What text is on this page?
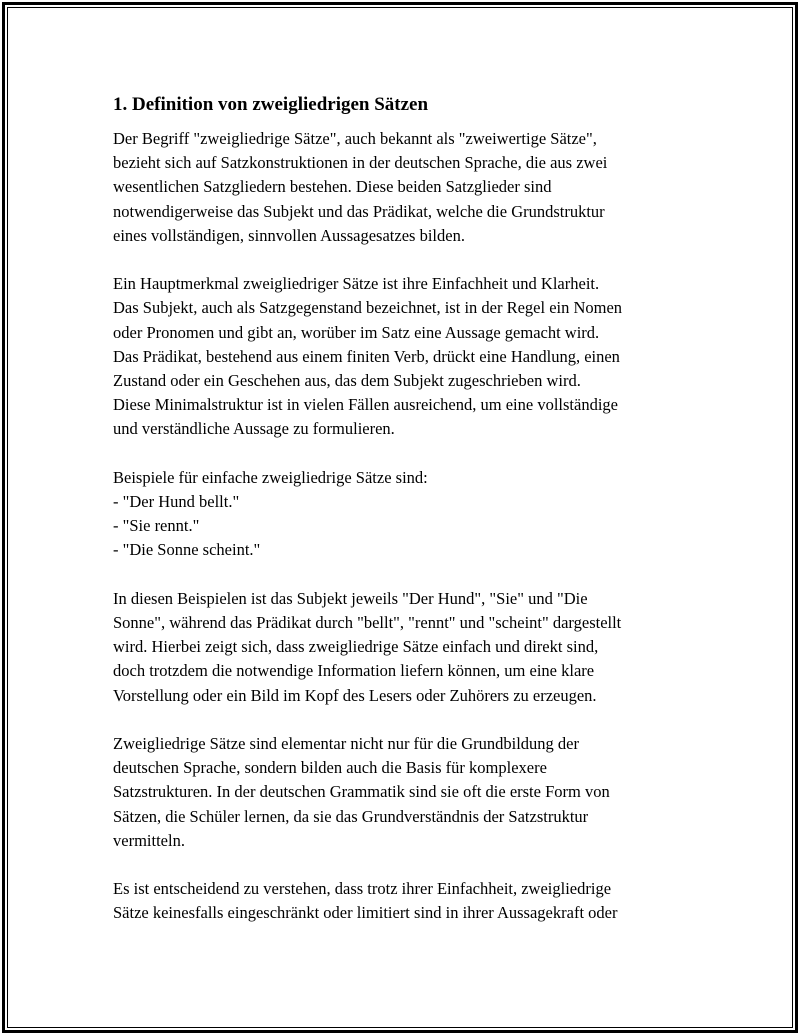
1. Definition von zweigliedrigen Sätzen

Der Begriff "zweigliedrige Sätze", auch bekannt als "zweiwertige Sätze",
bezieht sich auf Satzkonstruktionen in der deutschen Sprache, die aus zwei
wesentlichen Satzgliedern bestehen. Diese beiden Satzglieder sind
notwendigerweise das Subjekt und das Prädikat, welche die Grundstruktur
eines vollständigen, sinnvollen Aussagesatzes bilden.

Ein Hauptmerkmal zweigliedriger Sätze ist ihre Einfachheit und Klarheit.
Das Subjekt, auch als Satzgegenstand bezeichnet, ist in der Regel ein Nomen
oder Pronomen und gibt an, worüber im Satz eine Aussage gemacht wird.
Das Prädikat, bestehend aus einem finiten Verb, drückt eine Handlung, einen
Zustand oder ein Geschehen aus, das dem Subjekt zugeschrieben wird.
Diese Minimalstruktur ist in vielen Fällen ausreichend, um eine vollständige
und verständliche Aussage zu formulieren.

Beispiele für einfache zweigliedrige Sätze sind:
- "Der Hund bellt."
- "Sie rennt."
- "Die Sonne scheint."

In diesen Beispielen ist das Subjekt jeweils "Der Hund", "Sie" und "Die
Sonne", während das Prädikat durch "bellt", "rennt" und "scheint" dargestellt
wird. Hierbei zeigt sich, dass zweigliedrige Sätze einfach und direkt sind,
doch trotzdem die notwendige Information liefern können, um eine klare
Vorstellung oder ein Bild im Kopf des Lesers oder Zuhörers zu erzeugen.

Zweigliedrige Sätze sind elementar nicht nur für die Grundbildung der
deutschen Sprache, sondern bilden auch die Basis für komplexere
Satzstrukturen. In der deutschen Grammatik sind sie oft die erste Form von
Sätzen, die Schüler lernen, da sie das Grundverständnis der Satzstruktur
vermitteln.

Es ist entscheidend zu verstehen, dass trotz ihrer Einfachheit, zweigliedrige
Sätze keinesfalls eingeschränkt oder limitiert sind in ihrer Aussagekraft oder
